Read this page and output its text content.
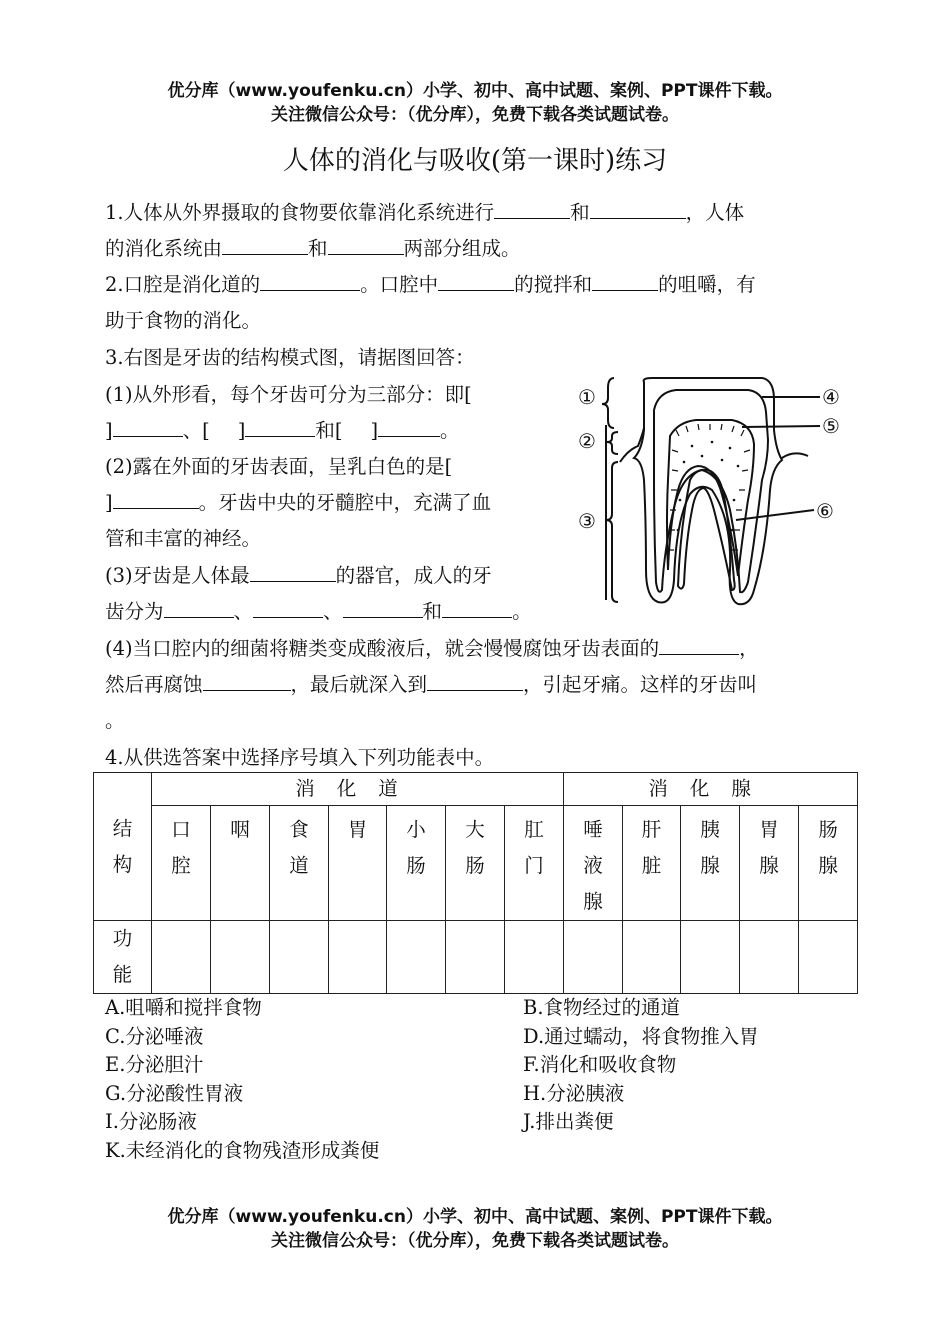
优分库（www.youfenku.cn）小学、初中、高中试题、案例、PPT课件下载。
关注微信公众号：（优分库），免费下载各类试题试卷。
人体的消化与吸收(第一课时)练习
1.人体从外界摄取的食物要依靠消化系统进行	和	，人体
的消化系统由	和	两部分组成。
2.口腔是消化道的	。口腔中	的搅拌和	的咀嚼，有
助于食物的消化。
3.右图是牙齿的结构模式图，请据图回答：
(1)从外形看，每个牙齿可分为三部分：即[
]	、[ ]	和[ ]	。
(2)露在外面的牙齿表面，呈乳白色的是[
]	。牙齿中央的牙髓腔中，充满了血
管和丰富的神经。
(3)牙齿是人体最	的器官，成人的牙
齿分为	、	、	和	。
(4)当口腔内的细菌将糖类变成酸液后，就会慢慢腐蚀牙齿表面的	，
然后再腐蚀	，最后就深入到	，引起牙痛。这样的牙齿叫
。
①
②
③
④
⑤
⑥
4.从供选答案中选择序号填入下列功能表中。
结构	消化道							消化腺				

	口腔	咽	食道	胃	小肠	大肠	肛门	唾液腺	肝脏	胰腺	胃腺	肠腺

功能												

A.咀嚼和搅拌食物	B.食物经过的通道
C.分泌唾液	D.通过蠕动，将食物推入胃
E.分泌胆汁	F.消化和吸收食物
G.分泌酸性胃液	H.分泌胰液
I.分泌肠液	J.排出粪便
K.未经消化的食物残渣形成粪便
优分库（www.youfenku.cn）小学、初中、高中试题、案例、PPT课件下载。
关注微信公众号：（优分库），免费下载各类试题试卷。
